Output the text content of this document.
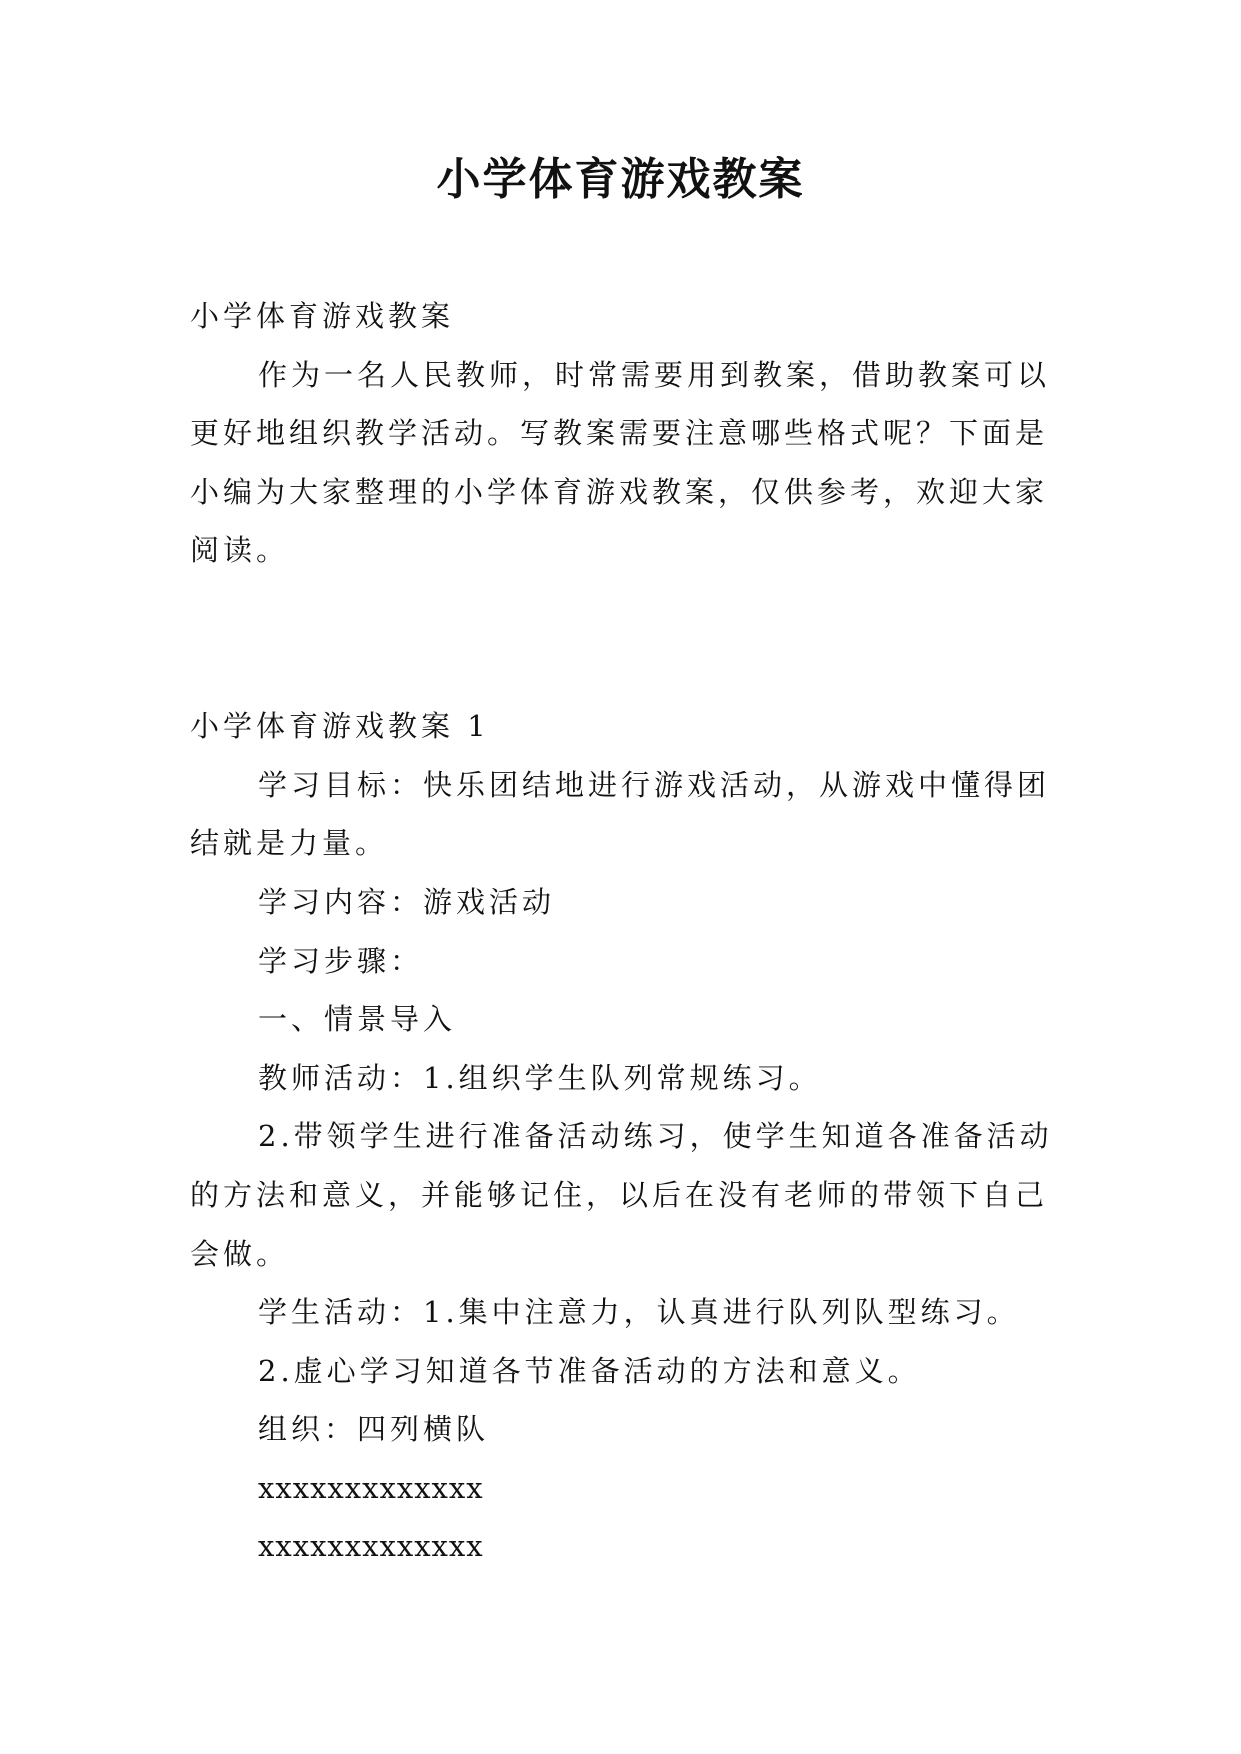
小学体育游戏教案

小学体育游戏教案

作为一名人民教师，时常需要用到教案，借助教案可以

更好地组织教学活动。写教案需要注意哪些格式呢？下面是

小编为大家整理的小学体育游戏教案，仅供参考，欢迎大家

阅读。

小学体育游戏教案 1

学习目标：快乐团结地进行游戏活动，从游戏中懂得团

结就是力量。

学习内容：游戏活动

学习步骤：

一、情景导入

教师活动：1.组织学生队列常规练习。

2.带领学生进行准备活动练习，使学生知道各准备活动

的方法和意义，并能够记住，以后在没有老师的带领下自己

会做。

学生活动：1.集中注意力，认真进行队列队型练习。

2.虚心学习知道各节准备活动的方法和意义。

组织：四列横队

xxxxxxxxxxxxx

xxxxxxxxxxxxx
